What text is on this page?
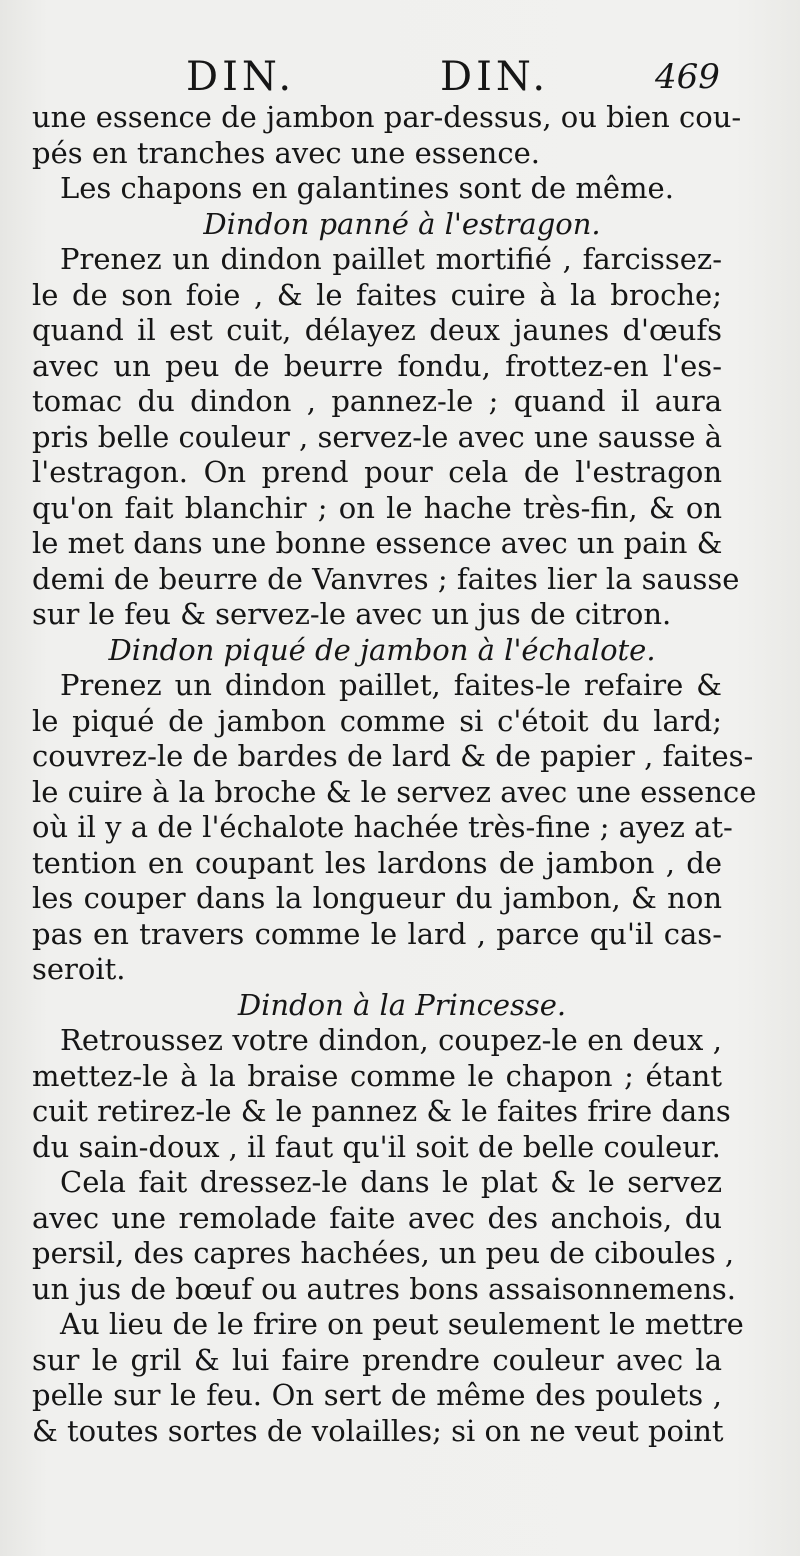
DIN.	DIN.	469
une essence de jambon par-dessus, ou bien cou-
pés en tranches avec une essence.
Les chapons en galantines sont de même.
Dindon panné à l'estragon.
Prenez un dindon paillet mortifié , farcissez-
le de son foie , & le faites cuire à la broche;
quand il est cuit, délayez deux jaunes d'œufs
avec un peu de beurre fondu, frottez-en l'es-
tomac du dindon , pannez-le ; quand il aura
pris belle couleur , servez-le avec une sausse à
l'estragon. On prend pour cela de l'estragon
qu'on fait blanchir ; on le hache très-fin, & on
le met dans une bonne essence avec un pain &
demi de beurre de Vanvres ; faites lier la sausse
sur le feu & servez-le avec un jus de citron.
Dindon piqué de jambon à l'échalote.
Prenez un dindon paillet, faites-le refaire &
le piqué de jambon comme si c'étoit du lard;
couvrez-le de bardes de lard & de papier , faites-
le cuire à la broche & le servez avec une essence
où il y a de l'échalote hachée très-fine ; ayez at-
tention en coupant les lardons de jambon , de
les couper dans la longueur du jambon, & non
pas en travers comme le lard , parce qu'il cas-
seroit.
Dindon à la Princesse.
Retroussez votre dindon, coupez-le en deux ,
mettez-le à la braise comme le chapon ; étant
cuit retirez-le & le pannez & le faites frire dans
du sain-doux , il faut qu'il soit de belle couleur.
Cela fait dressez-le dans le plat & le servez
avec une remolade faite avec des anchois, du
persil, des capres hachées, un peu de ciboules ,
un jus de bœuf ou autres bons assaisonnemens.
Au lieu de le frire on peut seulement le mettre
sur le gril & lui faire prendre couleur avec la
pelle sur le feu. On sert de même des poulets ,
& toutes sortes de volailles; si on ne veut point
